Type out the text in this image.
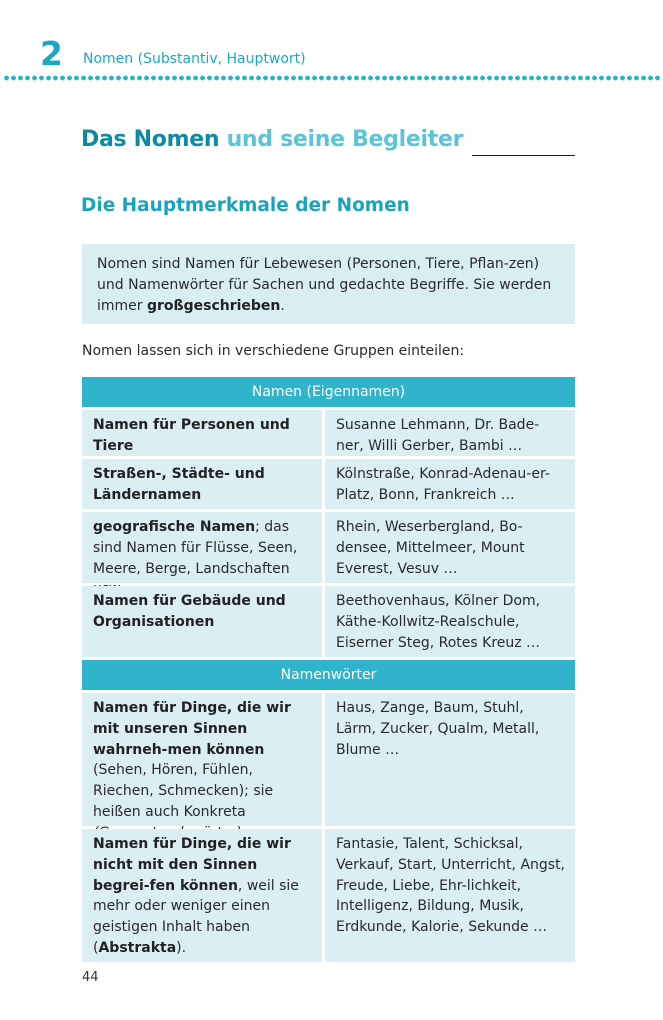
2 Nomen (Substantiv, Hauptwort)
Das Nomen und seine Begleiter
Die Hauptmerkmale der Nomen
Nomen sind Namen für Lebewesen (Personen, Tiere, Pflan-zen) und Namenwörter für Sachen und gedachte Begriffe. Sie werden immer großgeschrieben.
Nomen lassen sich in verschiedene Gruppen einteilen:
Namen (Eigennamen)
Namen für Personen und Tiere
Susanne Lehmann, Dr. Bade-ner, Willi Gerber, Bambi …
Straßen-, Städte- und Ländernamen
Kölnstraße, Konrad-Adenau-er-Platz, Bonn, Frankreich …
geografische Namen; das sind Namen für Flüsse, Seen, Meere, Berge, Landschaften
Rhein, Weserbergland, Bo-densee, Mittelmeer, Mount Everest, Vesuv …
Namen für Gebäude und Organisationen
Beethovenhaus, Kölner Dom, Käthe-Kollwitz-Realschule, Eiserner Steg, Rotes Kreuz …
Namenwörter
Namen für Dinge, die wir mit unseren Sinnen wahrneh-men können (Sehen, Hören, Fühlen, Riechen, Schmecken); sie heißen auch Konkreta
Haus, Zange, Baum, Stuhl, Lärm, Zucker, Qualm, Metall, Blume …
Namen für Dinge, die wir nicht mit den Sinnen begrei-fen können, weil sie mehr oder weniger einen geistigen Inhalt haben (Abstrakta).
Fantasie, Talent, Schicksal, Verkauf, Start, Unterricht, Angst, Freude, Liebe, Ehr-lichkeit, Intelligenz, Bildung, Musik, Erdkunde, Kalorie, Sekunde …
44
